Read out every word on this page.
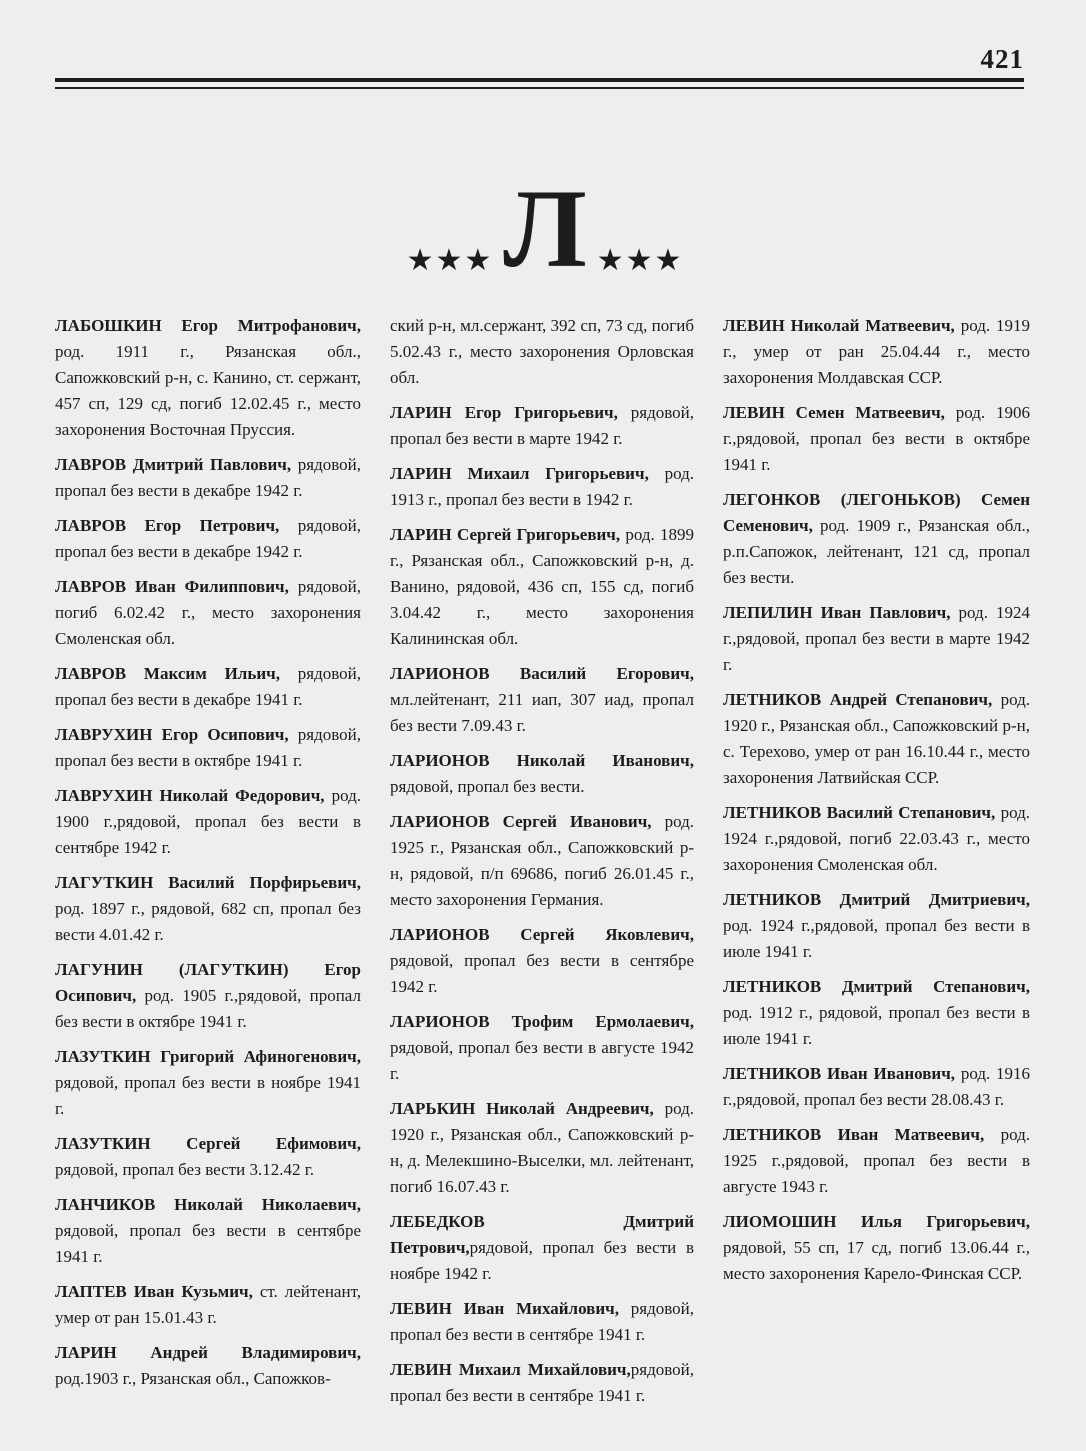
421
★★★ Л ★★★

ЛАБОШКИН Егор Митрофанович, род. 1911 г., Рязанская обл., Сапожковский р-н, с. Канино, ст. сержант, 457 сп, 129 сд, погиб 12.02.45 г., место захоронения Восточная Пруссия.

ЛАВРОВ Дмитрий Павлович, рядовой, пропал без вести в декабре 1942 г.

ЛАВРОВ Егор Петрович, рядовой, пропал без вести в декабре 1942 г.

ЛАВРОВ Иван Филиппович, рядовой, погиб 6.02.42 г., место захоронения Смоленская обл.

ЛАВРОВ Максим Ильич, рядовой, пропал без вести в декабре 1941 г.

ЛАВРУХИН Егор Осипович, рядовой, пропал без вести в октябре 1941 г.

ЛАВРУХИН Николай Федорович, род. 1900 г.,рядовой, пропал без вести в сентябре 1942 г.

ЛАГУТКИН Василий Порфирьевич, род. 1897 г., рядовой, 682 сп, пропал без вести 4.01.42 г.

ЛАГУНИН (ЛАГУТКИН) Егор Осипович, род. 1905 г.,рядовой, пропал без вести в октябре 1941 г.

ЛАЗУТКИН Григорий Афиногенович, рядовой, пропал без вести в ноябре 1941 г.

ЛАЗУТКИН Сергей Ефимович, рядовой, пропал без вести 3.12.42 г.

ЛАНЧИКОВ Николай Николаевич, рядовой, пропал без вести в сентябре 1941 г.

ЛАПТЕВ Иван Кузьмич, ст. лейтенант, умер от ран 15.01.43 г.

ЛАРИН Андрей Владимирович, род.1903 г., Рязанская обл., Сапожков-

ский р-н, мл.сержант, 392 сп, 73 сд, погиб 5.02.43 г., место захоронения Орловская обл.

ЛАРИН Егор Григорьевич, рядовой, пропал без вести в марте 1942 г.

ЛАРИН Михаил Григорьевич, род. 1913 г., пропал без вести в 1942 г.

ЛАРИН Сергей Григорьевич, род. 1899 г., Рязанская обл., Сапожковский р-н, д. Ванино, рядовой, 436 сп, 155 сд, погиб 3.04.42 г., место захоронения Калининская обл.

ЛАРИОНОВ Василий Егорович, мл.лейтенант, 211 иап, 307 иад, пропал без вести 7.09.43 г.

ЛАРИОНОВ Николай Иванович, рядовой, пропал без вести.

ЛАРИОНОВ Сергей Иванович, род. 1925 г., Рязанская обл., Сапожковский р-н, рядовой, п/п 69686, погиб 26.01.45 г., место захоронения Германия.

ЛАРИОНОВ Сергей Яковлевич, рядовой, пропал без вести в сентябре 1942 г.

ЛАРИОНОВ Трофим Ермолаевич, рядовой, пропал без вести в августе 1942 г.

ЛАРЬКИН Николай Андреевич, род. 1920 г., Рязанская обл., Сапожковский р-н, д. Мелекшино-Выселки, мл. лейтенант, погиб 16.07.43 г.

ЛЕБЕДКОВ Дмитрий Петрович,рядовой, пропал без вести в ноябре 1942 г.

ЛЕВИН Иван Михайлович, рядовой, пропал без вести в сентябре 1941 г.

ЛЕВИН Михаил Михайлович,рядовой, пропал без вести в сентябре 1941 г.

ЛЕВИН Николай Матвеевич, род. 1919 г., умер от ран 25.04.44 г., место захоронения Молдавская ССР.

ЛЕВИН Семен Матвеевич, род. 1906 г.,рядовой, пропал без вести в октябре 1941 г.

ЛЕГОНКОВ (ЛЕГОНЬКОВ) Семен Семенович, род. 1909 г., Рязанская обл., р.п.Сапожок, лейтенант, 121 сд, пропал без вести.

ЛЕПИЛИН Иван Павлович, род. 1924 г.,рядовой, пропал без вести в марте 1942 г.

ЛЕТНИКОВ Андрей Степанович, род. 1920 г., Рязанская обл., Сапожковский р-н, с. Терехово, умер от ран 16.10.44 г., место захоронения Латвийская ССР.

ЛЕТНИКОВ Василий Степанович, род. 1924 г.,рядовой, погиб 22.03.43 г., место захоронения Смоленская обл.

ЛЕТНИКОВ Дмитрий Дмитриевич, род. 1924 г.,рядовой, пропал без вести в июле 1941 г.

ЛЕТНИКОВ Дмитрий Степанович, род. 1912 г., рядовой, пропал без вести в июле 1941 г.

ЛЕТНИКОВ Иван Иванович, род. 1916 г.,рядовой, пропал без вести 28.08.43 г.

ЛЕТНИКОВ Иван Матвеевич, род. 1925 г.,рядовой, пропал без вести в августе 1943 г.

ЛИОМОШИН Илья Григорьевич, рядовой, 55 сп, 17 сд, погиб 13.06.44 г., место захоронения Карело-Финская ССР.
